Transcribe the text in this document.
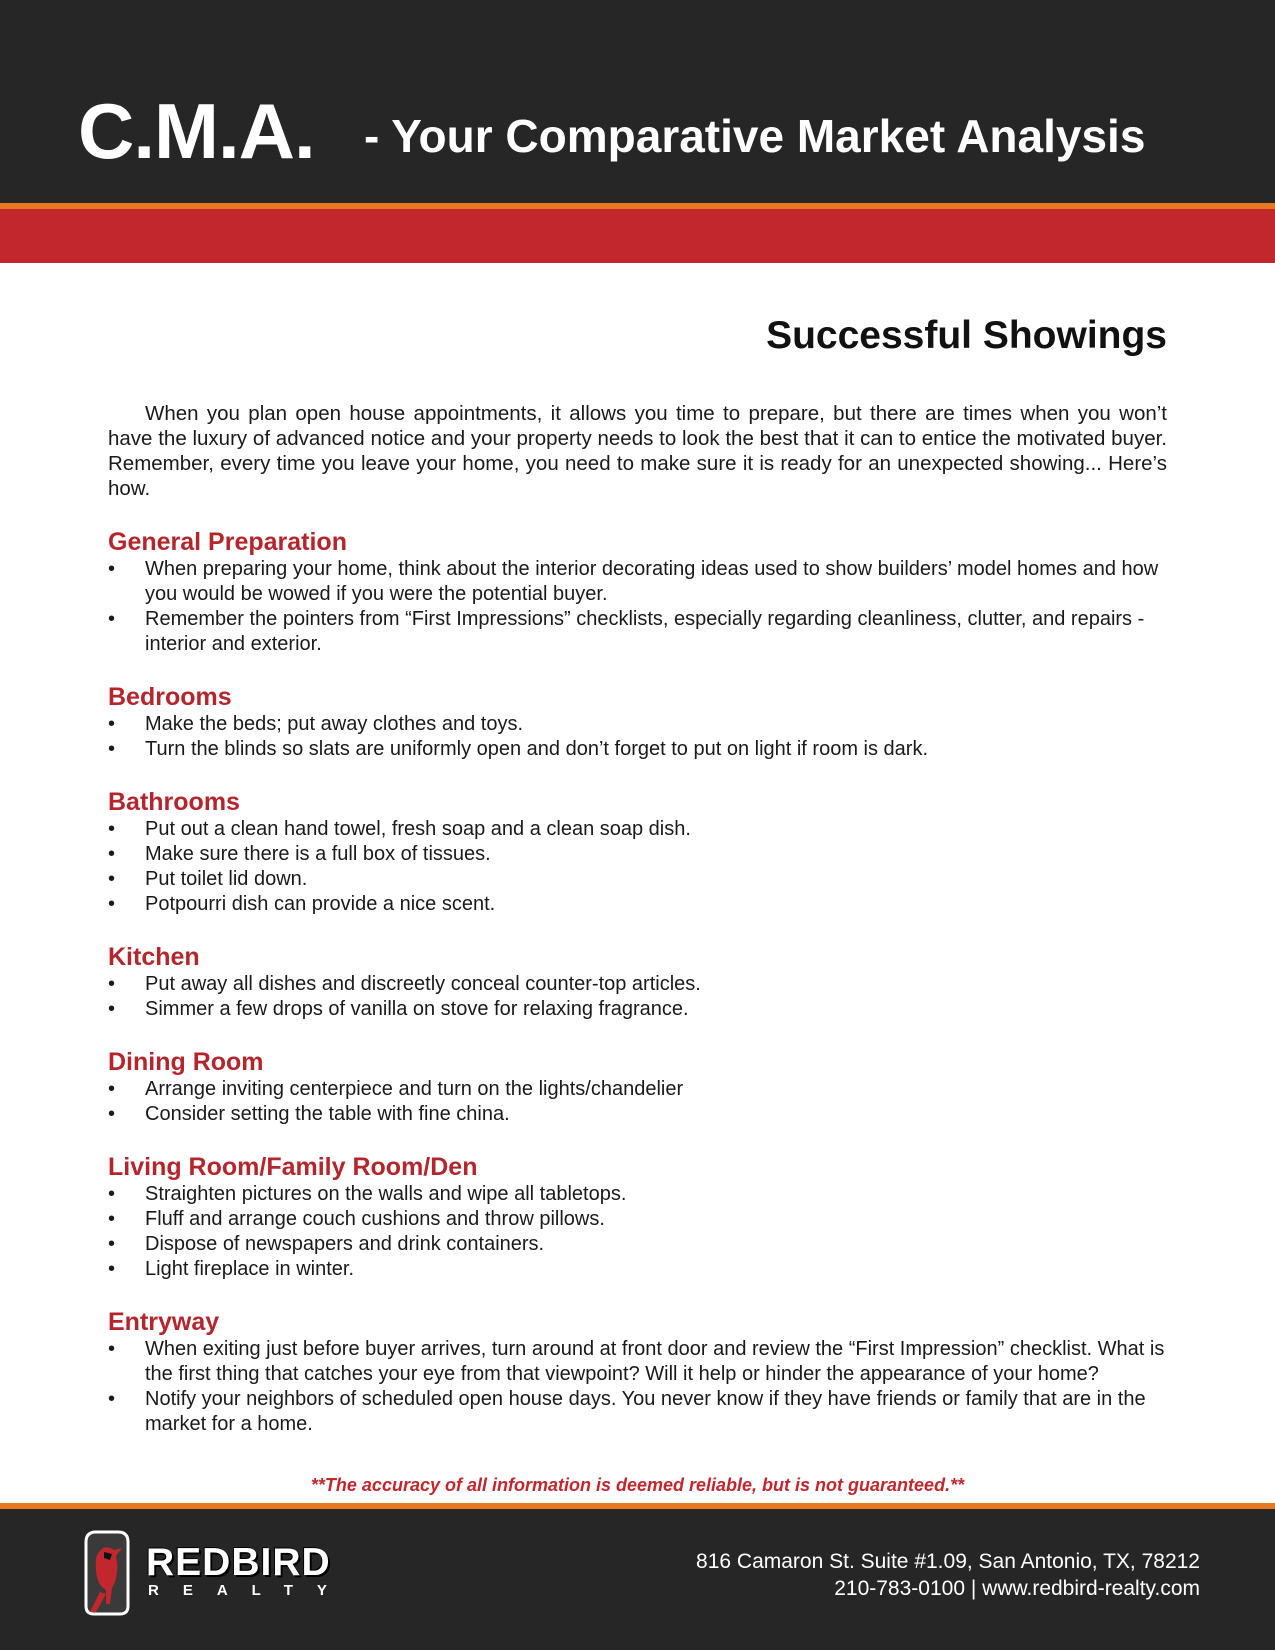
C.M.A. - Your Comparative Market Analysis
Successful Showings

When you plan open house appointments, it allows you time to prepare, but there are times when you won’t have the luxury of advanced notice and your property needs to look the best that it can to entice the motivated buyer. Remember, every time you leave your home, you need to make sure it is ready for an unexpected showing... Here’s how.

General Preparation
• When preparing your home, think about the interior decorating ideas used to show builders’ model homes and how you would be wowed if you were the potential buyer.
• Remember the pointers from “First Impressions” checklists, especially regarding cleanliness, clutter, and repairs - interior and exterior.
Bedrooms
• Make the beds; put away clothes and toys.
• Turn the blinds so slats are uniformly open and don’t forget to put on light if room is dark.
Bathrooms
• Put out a clean hand towel, fresh soap and a clean soap dish.
• Make sure there is a full box of tissues.
• Put toilet lid down.
• Potpourri dish can provide a nice scent.
Kitchen
• Put away all dishes and discreetly conceal counter-top articles.
• Simmer a few drops of vanilla on stove for relaxing fragrance.
Dining Room
• Arrange inviting centerpiece and turn on the lights/chandelier
• Consider setting the table with fine china.
Living Room/Family Room/Den
• Straighten pictures on the walls and wipe all tabletops.
• Fluff and arrange couch cushions and throw pillows.
• Dispose of newspapers and drink containers.
• Light fireplace in winter.
Entryway
• When exiting just before buyer arrives, turn around at front door and review the “First Impression” checklist. What is the first thing that catches your eye from that viewpoint? Will it help or hinder the appearance of your home?
• Notify your neighbors of scheduled open house days. You never know if they have friends or family that are in the market for a home.
**The accuracy of all information is deemed reliable, but is not guaranteed.**
REDBIRD
REALTY
816 Camaron St. Suite #1.09, San Antonio, TX, 78212
210-783-0100 | www.redbird-realty.com
